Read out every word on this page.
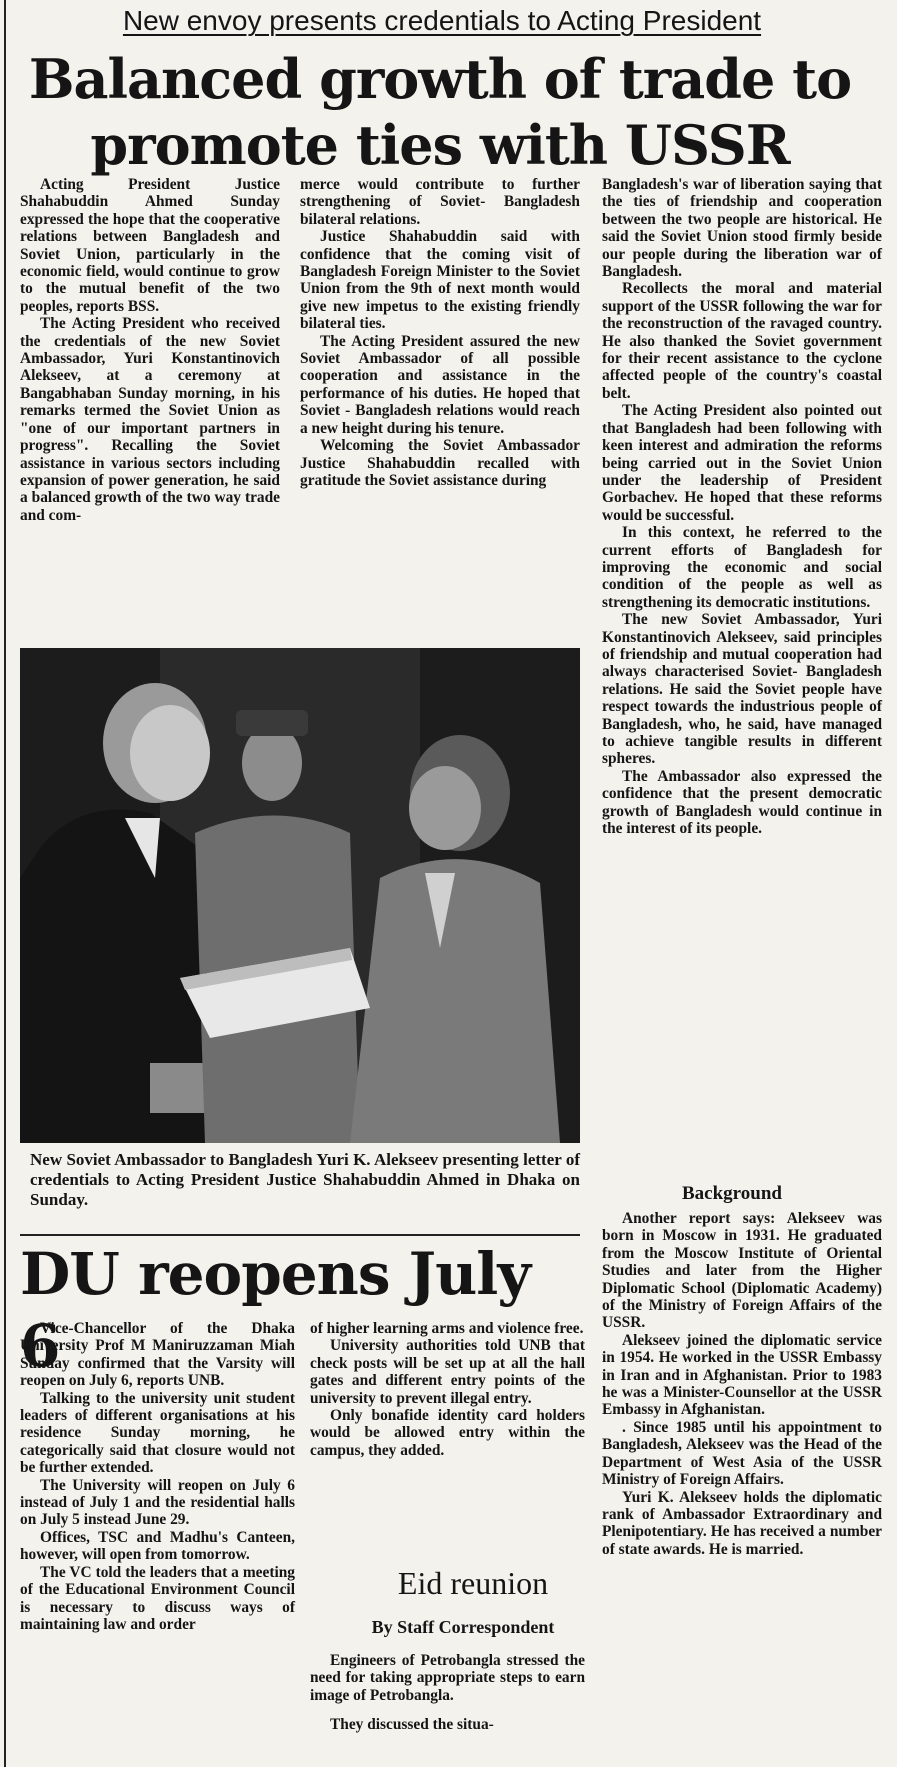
New envoy presents credentials to Acting President
Balanced growth of trade to
promote ties with USSR

Acting President Justice Shahabuddin Ahmed Sunday expressed the hope that the cooperative relations between Bangladesh and Soviet Union, particularly in the economic field, would continue to grow to the mutual benefit of the two peoples, reports BSS.

The Acting President who received the credentials of the new Soviet Ambassador, Yuri Konstantinovich Alekseev, at a ceremony at Bangabhaban Sunday morning, in his remarks termed the Soviet Union as "one of our important partners in progress". Recalling the Soviet assistance in various sectors including expansion of power generation, he said a balanced growth of the two way trade and com-

merce would contribute to further strengthening of Soviet- Bangladesh bilateral relations.

Justice Shahabuddin said with confidence that the coming visit of Bangladesh Foreign Minister to the Soviet Union from the 9th of next month would give new impetus to the existing friendly bilateral ties.

The Acting President assured the new Soviet Ambassador of all possible cooperation and assistance in the performance of his duties. He hoped that Soviet - Bangladesh relations would reach a new height during his tenure.

Welcoming the Soviet Ambassador Justice Shahabuddin recalled with gratitude the Soviet assistance during

Bangladesh's war of liberation saying that the ties of friendship and cooperation between the two people are historical. He said the Soviet Union stood firmly beside our people during the liberation war of Bangladesh.

Recollects the moral and material support of the USSR following the war for the reconstruction of the ravaged country. He also thanked the Soviet government for their recent assistance to the cyclone affected people of the country's coastal belt.

The Acting President also pointed out that Bangladesh had been following with keen interest and admiration the reforms being carried out in the Soviet Union under the leadership of President Gorbachev. He hoped that these reforms would be successful.

In this context, he referred to the current efforts of Bangladesh for improving the economic and social condition of the people as well as strengthening its democratic institutions.

The new Soviet Ambassador, Yuri Konstantinovich Alekseev, said principles of friendship and mutual cooperation had always characterised Soviet- Bangladesh relations. He said the Soviet people have respect towards the industrious people of Bangladesh, who, he said, have managed to achieve tangible results in different spheres.

The Ambassador also expressed the confidence that the present democratic growth of Bangladesh would continue in the interest of its people.

New Soviet Ambassador to Bangladesh Yuri K. Alekseev presenting letter of credentials to Acting President Justice Shahabuddin Ahmed in Dhaka on Sunday.	Background

Another report says: Alekseev was born in Moscow in 1931. He graduated from the Moscow Institute of Oriental Studies and later from the Higher Diplomatic School (Diplomatic Academy) of the Ministry of Foreign Affairs of the USSR.

Alekseev joined the diplomatic service in 1954. He worked in the USSR Embassy in Iran and in Afghanistan. Prior to 1983 he was a Minister-Counsellor at the USSR Embassy in Afghanistan.

. Since 1985 until his appointment to Bangladesh, Alekseev was the Head of the Department of West Asia of the USSR Ministry of Foreign Affairs.

Yuri K. Alekseev holds the diplomatic rank of Ambassador Extraordinary and Plenipotentiary. He has received a number of state awards. He is married.

DU reopens July 6

Vice-Chancellor of the Dhaka University Prof M Maniruzzaman Miah Sunday confirmed that the Varsity will reopen on July 6, reports UNB.

Talking to the university unit student leaders of different organisations at his residence Sunday morning, he categorically said that closure would not be further extended.

The University will reopen on July 6 instead of July 1 and the residential halls on July 5 instead June 29.

Offices, TSC and Madhu's Canteen, however, will open from tomorrow.

The VC told the leaders that a meeting of the Educational Environment Council is necessary to discuss ways of maintaining law and order

of higher learning arms and violence free.

University authorities told UNB that check posts will be set up at all the hall gates and different entry points of the university to prevent illegal entry.

Only bonafide identity card holders would be allowed entry within the campus, they added.

Eid reunion
By Staff Correspondent

Engineers of Petrobangla stressed the need for taking appropriate steps to earn image of Petrobangla.

They discussed the situa-
